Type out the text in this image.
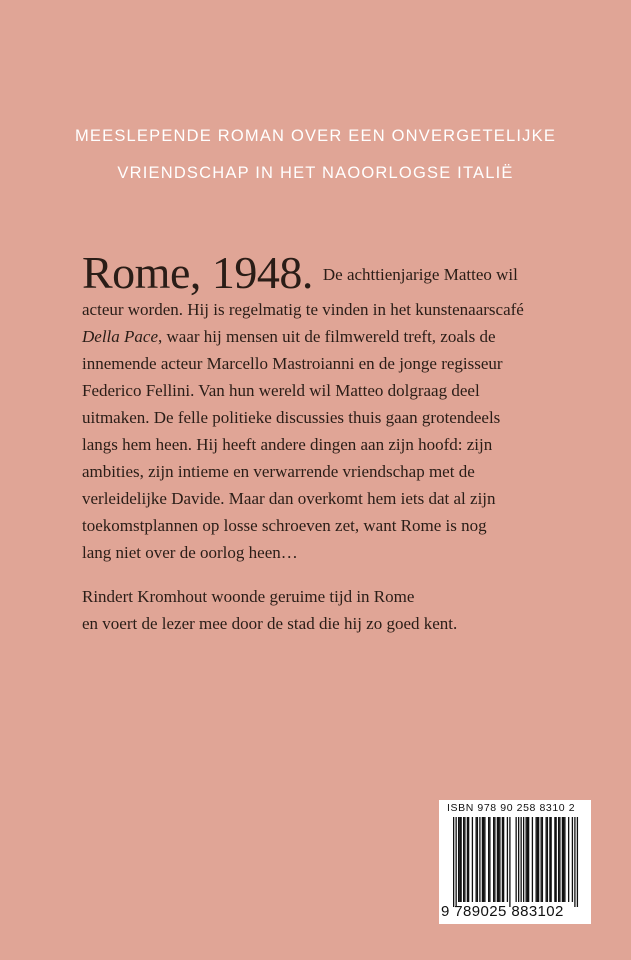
MEESLEPENDE ROMAN OVER EEN ONVERGETELIJKE
VRIENDSCHAP IN HET NAOORLOGSE ITALIË
Rome, 1948. De achttienjarige Matteo wil
acteur worden. Hij is regelmatig te vinden in het kunstenaarscafé
Della Pace, waar hij mensen uit de filmwereld treft, zoals de
innemende acteur Marcello Mastroianni en de jonge regisseur
Federico Fellini. Van hun wereld wil Matteo dolgraag deel
uitmaken. De felle politieke discussies thuis gaan grotendeels
langs hem heen. Hij heeft andere dingen aan zijn hoofd: zijn
ambities, zijn intieme en verwarrende vriendschap met de
verleidelijke Davide. Maar dan overkomt hem iets dat al zijn
toekomstplannen op losse schroeven zet, want Rome is nog
lang niet over de oorlog heen…
Rindert Kromhout woonde geruime tijd in Rome
en voert de lezer mee door de stad die hij zo goed kent.
ISBN 978 90 258 8310 2
9 789025 883102
